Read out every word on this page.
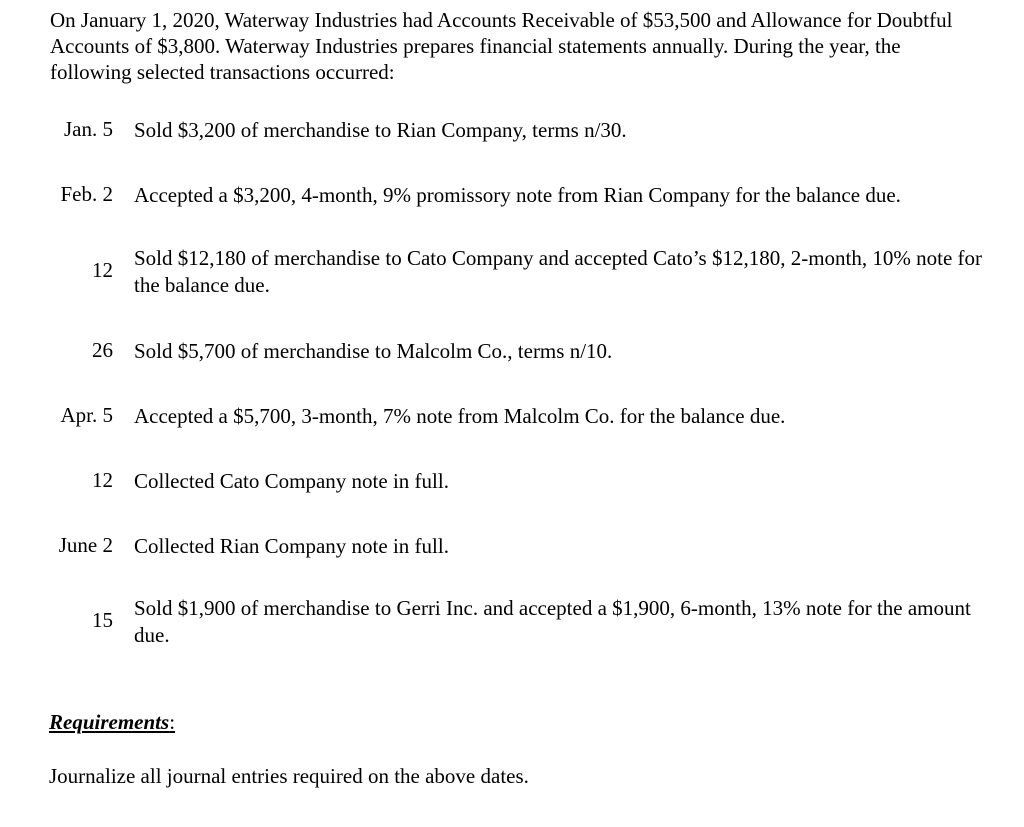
On January 1, 2020, Waterway Industries had Accounts Receivable of $53,500 and Allowance for Doubtful Accounts of $3,800. Waterway Industries prepares financial statements annually. During the year, the following selected transactions occurred:

Jan. 5 Sold $3,200 of merchandise to Rian Company, terms n/30.
Feb. 2 Accepted a $3,200, 4-month, 9% promissory note from Rian Company for the balance due.
12 Sold $12,180 of merchandise to Cato Company and accepted Cato’s $12,180, 2-month, 10% note for the balance due.
26 Sold $5,700 of merchandise to Malcolm Co., terms n/10.
Apr. 5 Accepted a $5,700, 3-month, 7% note from Malcolm Co. for the balance due.
12 Collected Cato Company note in full.
June 2 Collected Rian Company note in full.
15 Sold $1,900 of merchandise to Gerri Inc. and accepted a $1,900, 6-month, 13% note for the amount due.
Requirements:
Journalize all journal entries required on the above dates.
